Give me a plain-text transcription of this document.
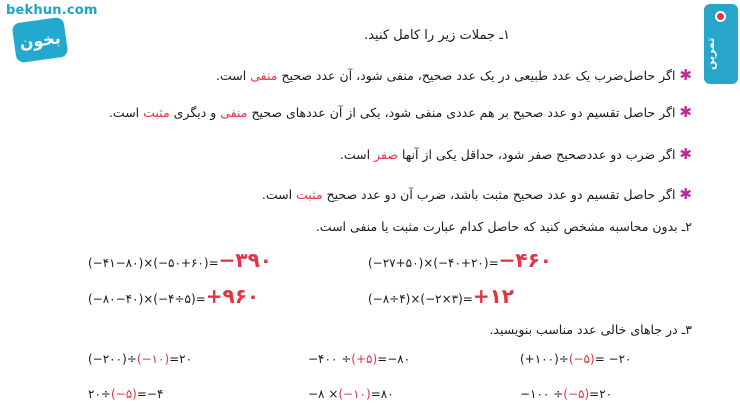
bekhun.com
بخون	تمرین
۱ـ جملات زیر را کامل کنید.
✱اگر حاصل‌ضرب یک عدد طبیعی در یک عدد صحیح، منفی شود، آن عدد صحیح منفی است.
✱اگر حاصل تقسیم دو عدد صحیح بر هم عددی منفی شود، یکی از آن عددهای صحیح منفی و دیگری مثبت است.
✱اگر ضرب دو عدد‌صحیح صفر شود، حداقل یکی از آنها صفر است.
✱اگر حاصل تقسیم دو عدد صحیح مثبت باشد، ضرب آن دو عدد صحیح مثبت است.
۲ـ بدون محاسبه مشخص کنید که حاصل کدام عبارت مثبت یا منفی است.
(−۴۱−۸۰)×(−۵۰+۶۰)=−۳۹۰	(−۲۷+۵۰)×(−۴۰+۲۰)=−۴۶۰
(−۸۰−۴۰)×(−۴÷۵)=+۹۶۰	(−۸÷۴)×(−۲×۳)=+۱۲
۳ـ در جاهای خالی عدد مناسب بنویسید.
(−۲۰۰)÷(−۱۰)=۲۰	−۴۰۰ ÷(+۵)=−۸۰	(+۱۰۰)÷(−۵)= −۲۰
۲۰÷(−۵)=−۴	−۸ ×(−۱۰)=۸۰	−۱۰۰ ÷(−۵)=۲۰
